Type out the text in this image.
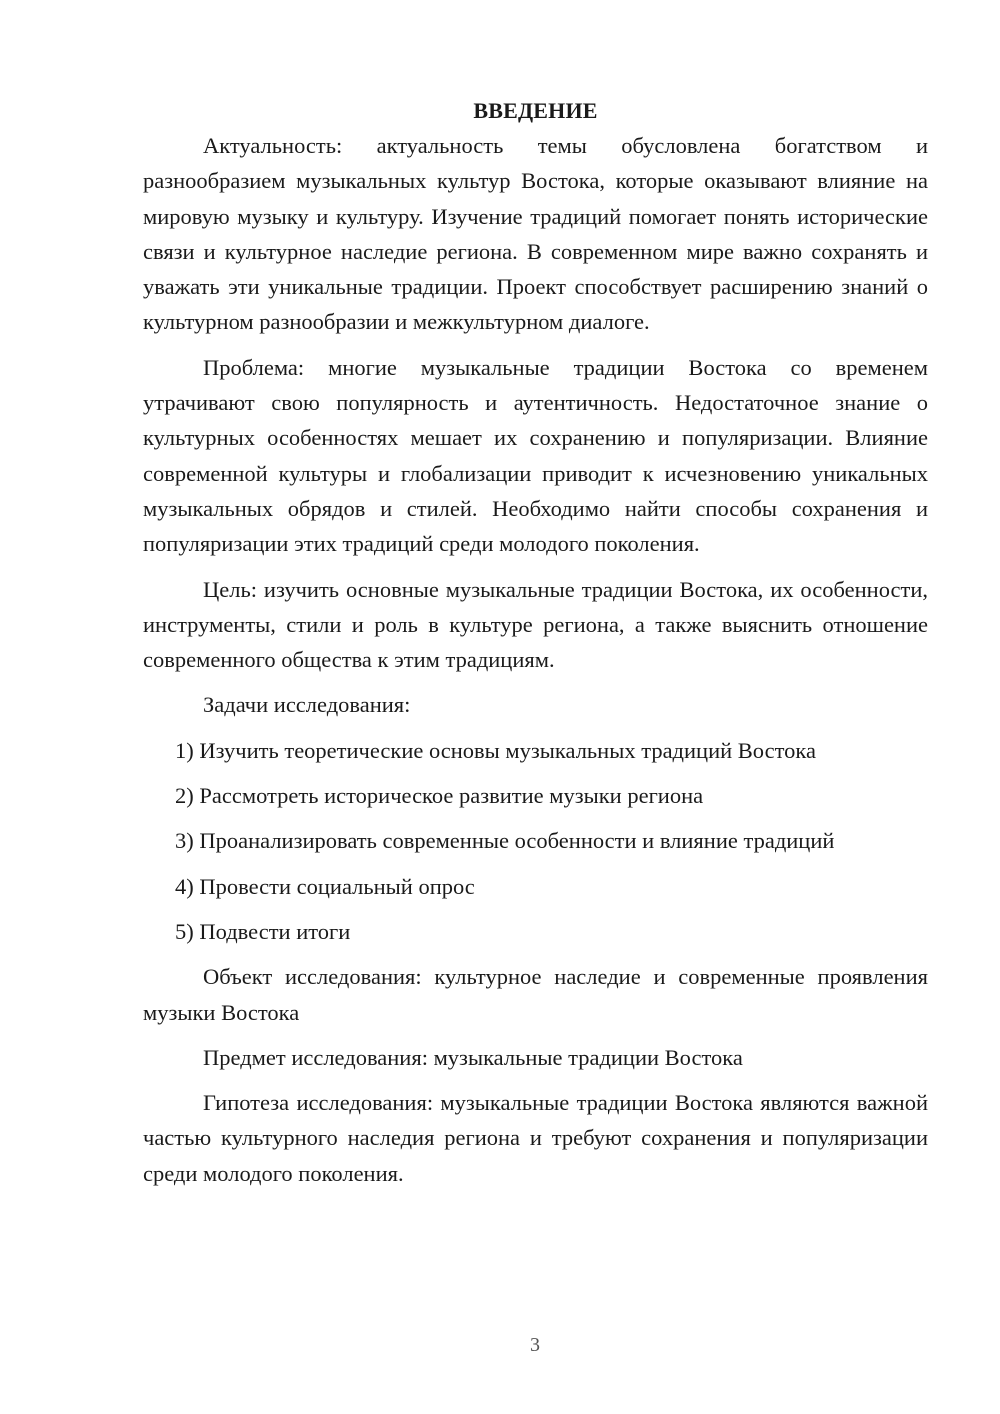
ВВЕДЕНИЕ

Актуальность: актуальность темы обусловлена богатством и разнообразием музыкальных культур Востока, которые оказывают влияние на мировую музыку и культуру. Изучение традиций помогает понять исторические связи и культурное наследие региона. В современном мире важно сохранять и уважать эти уникальные традиции. Проект способствует расширению знаний о культурном разнообразии и межкультурном диалоге.

Проблема: многие музыкальные традиции Востока со временем утрачивают свою популярность и аутентичность. Недостаточное знание о культурных особенностях мешает их сохранению и популяризации. Влияние современной культуры и глобализации приводит к исчезновению уникальных музыкальных обрядов и стилей. Необходимо найти способы сохранения и популяризации этих традиций среди молодого поколения.

Цель: изучить основные музыкальные традиции Востока, их особенности, инструменты, стили и роль в культуре региона, а также выяснить отношение современного общества к этим традициям.

Задачи исследования:

1) Изучить теоретические основы музыкальных традиций Востока
2) Рассмотреть историческое развитие музыки региона
3) Проанализировать современные особенности и влияние традиций
4) Провести социальный опрос
5) Подвести итоги

Объект исследования: культурное наследие и современные проявления музыки Востока

Предмет исследования: музыкальные традиции Востока

Гипотеза исследования: музыкальные традиции Востока являются важной частью культурного наследия региона и требуют сохранения и популяризации среди молодого поколения.

3
